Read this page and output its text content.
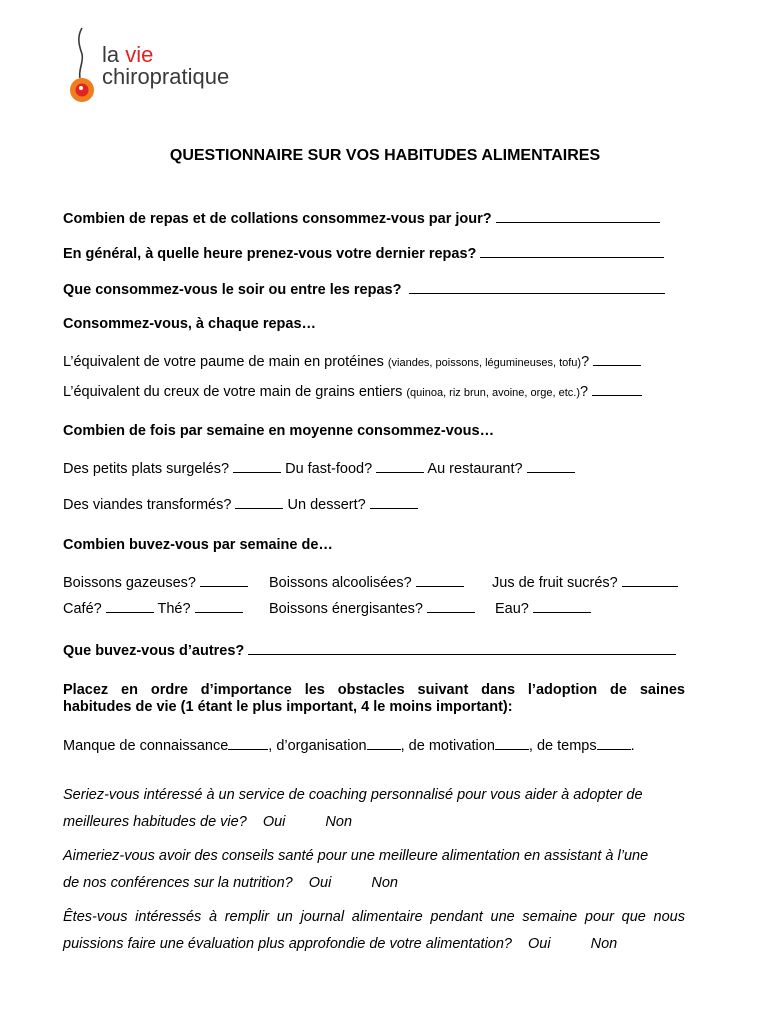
la vie
chiropratique
QUESTIONNAIRE SUR VOS HABITUDES ALIMENTAIRES
Combien de repas et de collations consommez-vous par jour?
En général, à quelle heure prenez-vous votre dernier repas?
Que consommez-vous le soir ou entre les repas?
Consommez-vous, à chaque repas…
L’équivalent de votre paume de main en protéines (viandes, poissons, légumineuses, tofu)?
L’équivalent du creux de votre main de grains entiers (quinoa, riz brun, avoine, orge, etc.)?
Combien de fois par semaine en moyenne consommez-vous…
Des petits plats surgelés?	Du fast-food?	Au restaurant?
Des viandes transformés?	Un dessert?
Combien buvez-vous par semaine de…
Boissons gazeuses?	Boissons alcoolisées?	Jus de fruit sucrés?
Café?	Thé?	Boissons énergisantes?	Eau?
Que buvez-vous d’autres?
Placez en ordre d’importance les obstacles suivant dans l’adoption de saines
habitudes de vie (1 étant le plus important, 4 le moins important):
Manque de connaissance	, d’organisation , de motivation , de temps .
Seriez-vous intéressé à un service de coaching personnalisé pour vous aider à adopter de
meilleures habitudes de vie? Oui	Non
Aimeriez-vous avoir des conseils santé pour une meilleure alimentation en assistant à l’une
de nos conférences sur la nutrition? Oui	Non
Êtes-vous intéressés à remplir un journal alimentaire pendant une semaine pour que nous
puissions faire une évaluation plus approfondie de votre alimentation? Oui	Non
